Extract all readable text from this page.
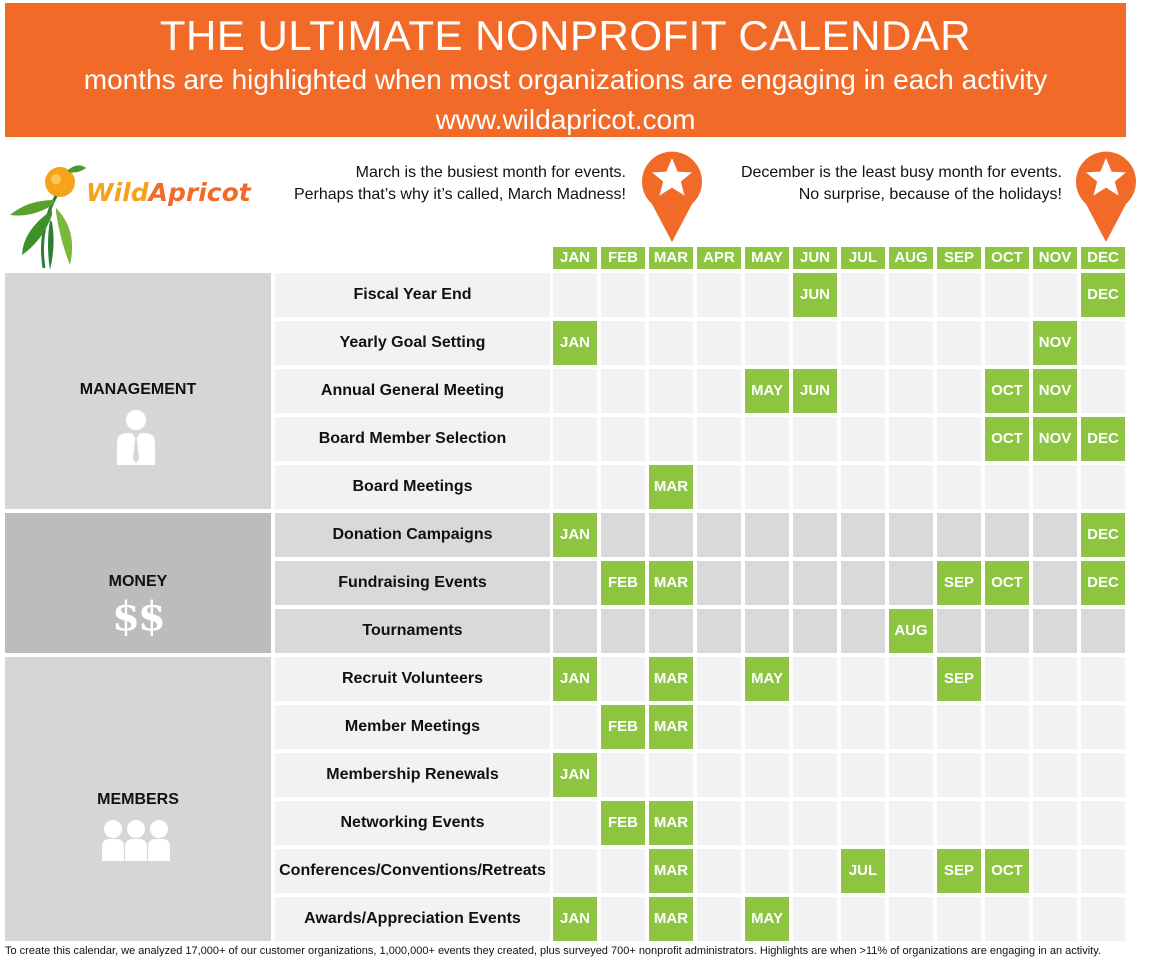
THE ULTIMATE NONPROFIT CALENDAR
months are highlighted when most organizations are engaging in each activity
www.wildapricot.com
WildApricot
March is the busiest month for events.
Perhaps that’s why it’s called, March Madness!
December is the least busy month for events.
No surprise, because of the holidays!
JAN	FEB	MAR	APR	MAY	JUN	JUL	AUG	SEP	OCT	NOV	DEC
MANAGEMENT
MONEY
$$
MEMBERS
Fiscal Year End	JUN	DEC
Yearly Goal Setting	JAN	NOV
Annual General Meeting	MAY	JUN	OCT	NOV
Board Member Selection	OCT	NOV	DEC
Board Meetings	MAR
Donation Campaigns	JAN	DEC
Fundraising Events	FEB	MAR	SEP	OCT	DEC
Tournaments	AUG
Recruit Volunteers	JAN	MAR	MAY	SEP
Member Meetings	FEB	MAR
Membership Renewals	JAN
Networking Events	FEB	MAR
Conferences/Conventions/Retreats	MAR	JUL	SEP	OCT
Awards/Appreciation Events	JAN	MAR	MAY
To create this calendar, we analyzed 17,000+ of our customer organizations, 1,000,000+ events they created, plus surveyed 700+ nonprofit administrators. Highlights are when >11% of organizations are engaging in an activity.
